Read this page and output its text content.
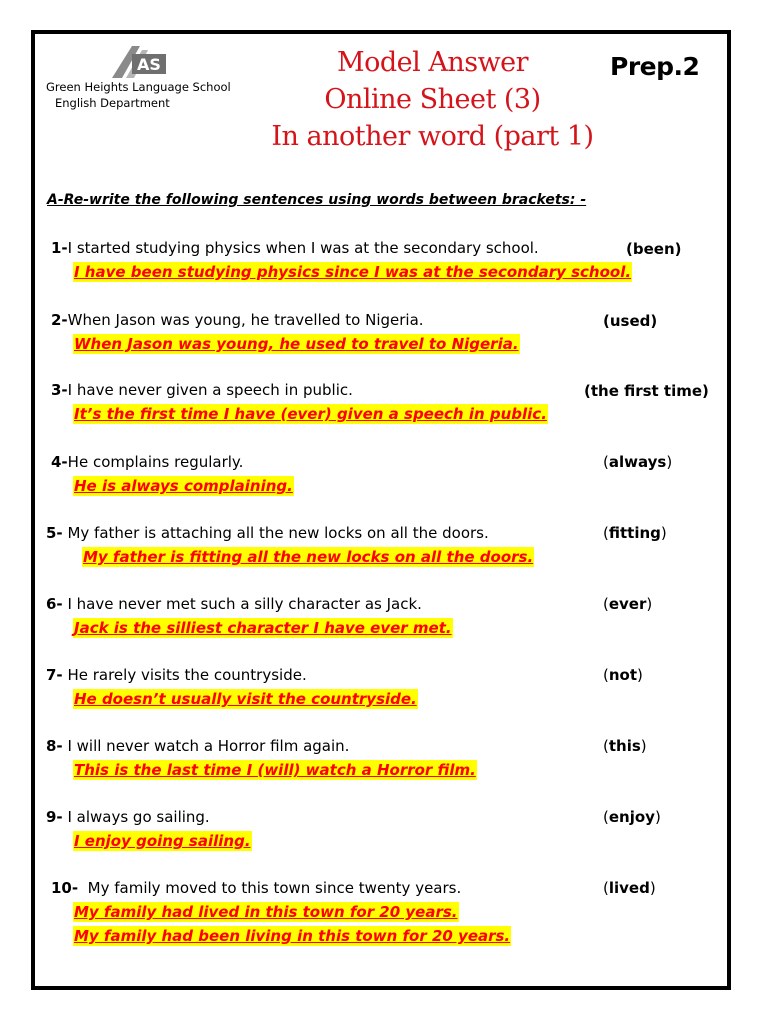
AS
Green Heights Language School
English Department
Model Answer
Online Sheet (3)
In another word (part 1)
Prep.2
A-Re-write the following sentences using words between brackets: -
1-I started studying physics when I was at the secondary school.	(been)
I have been studying physics since I was at the secondary school.
2-When Jason was young, he travelled to Nigeria.	(used)
When Jason was young, he used to travel to Nigeria.
3-I have never given a speech in public.	(the first time)
It’s the first time I have (ever) given a speech in public.
4-He complains regularly.	(always)
He is always complaining.
5- My father is attaching all the new locks on all the doors.	(fitting)
My father is fitting all the new locks on all the doors.
6- I have never met such a silly character as Jack.	(ever)
Jack is the silliest character I have ever met.
7- He rarely visits the countryside.	(not)
He doesn’t usually visit the countryside.
8- I will never watch a Horror film again.	(this)
This is the last time I (will) watch a Horror film.
9- I always go sailing.	(enjoy)
I enjoy going sailing.
10- My family moved to this town since twenty years.	(lived)
My family had lived in this town for 20 years.
My family had been living in this town for 20 years.
